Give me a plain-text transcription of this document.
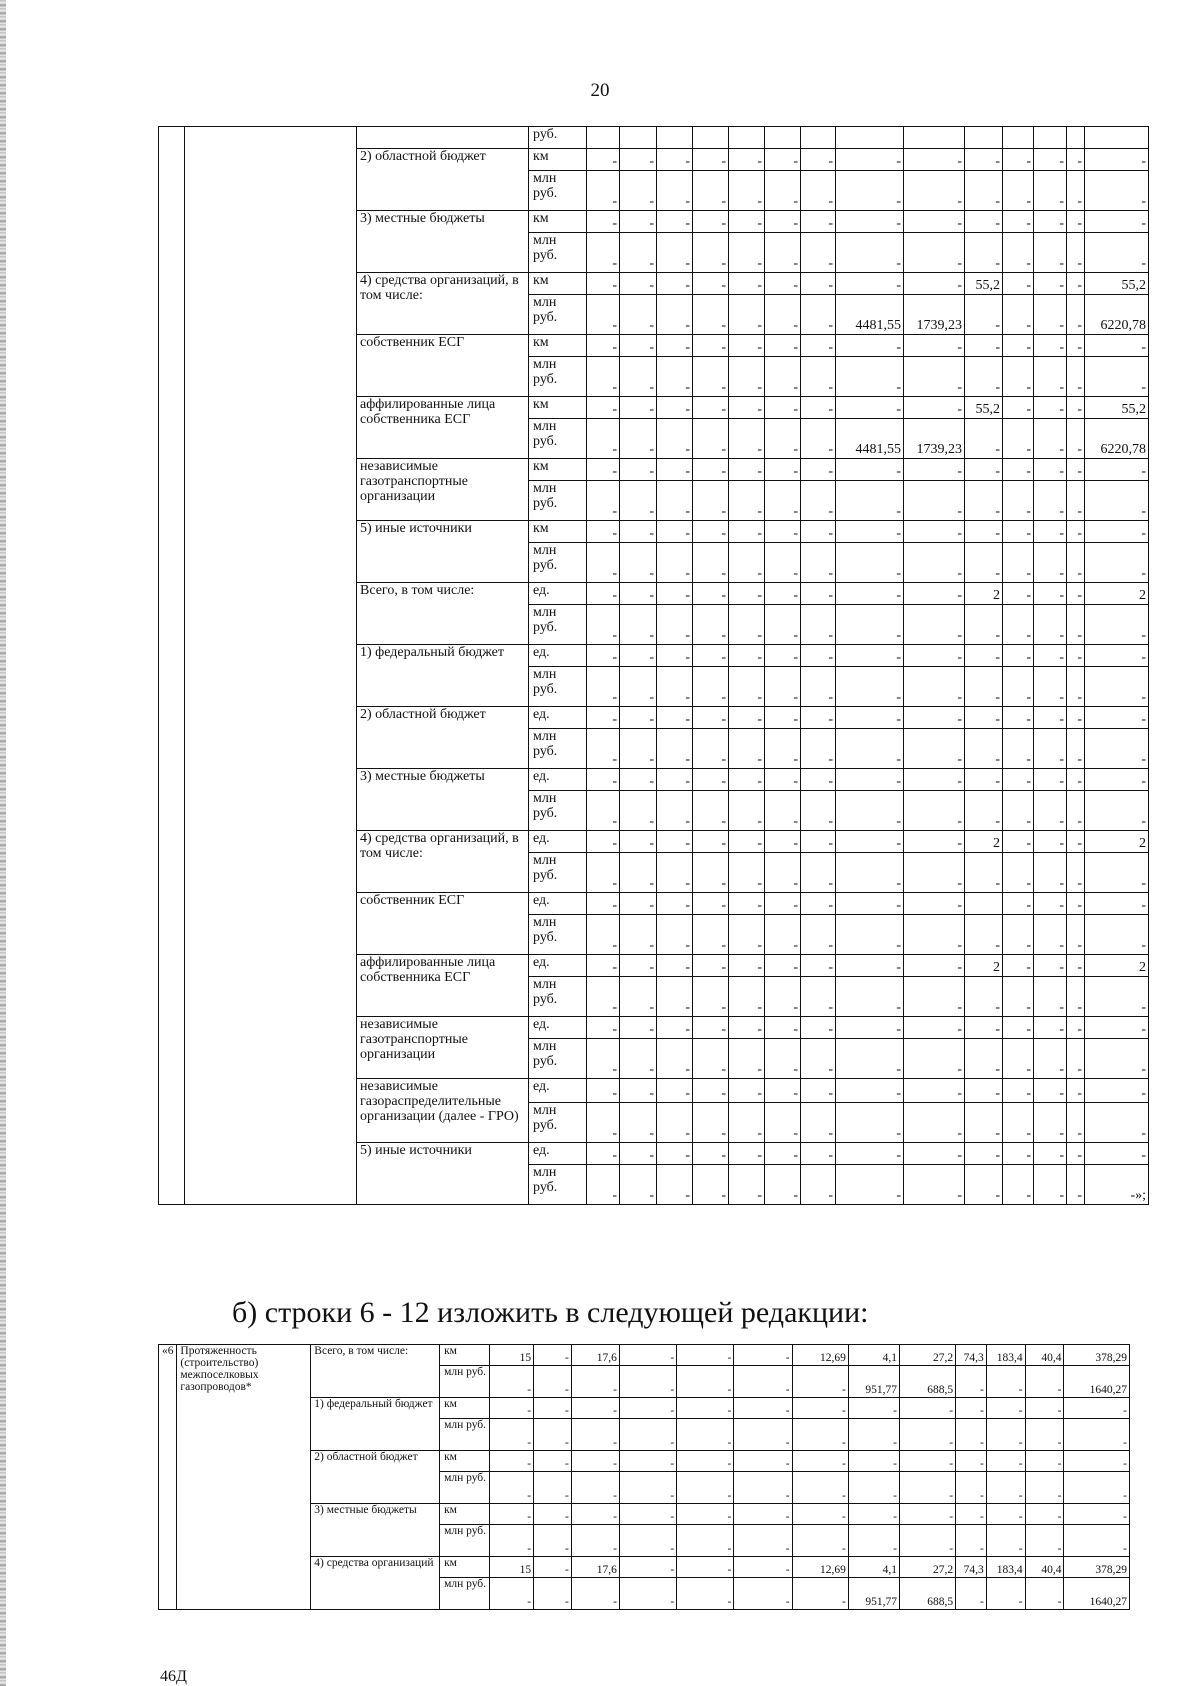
20
			руб.														
		2) областной бюджет	км	-	-	-	-	-	-	-	-	-	-	-	-	-	-
			млн руб.	-	-	-	-	-	-	-	-	-	-	-	-	-	-
		3) местные бюджеты	км	-	-	-	-	-	-	-	-	-	-	-	-	-	-
			млн руб.	-	-	-	-	-	-	-	-	-	-	-	-	-	-
		4) средства организаций, в том числе:	км	-	-	-	-	-	-	-	-	-	55,2	-	-	-	55,2
			млн руб.	-	-	-	-	-	-	-	4481,55	1739,23	-	-	-	-	6220,78
		собственник ЕСГ	км	-	-	-	-	-	-	-	-	-	-	-	-	-	-
			млн руб.	-	-	-	-	-	-	-	-	-	-	-	-	-	-
		аффилированные лица собственника ЕСГ	км	-	-	-	-	-	-	-	-	-	55,2	-	-	-	55,2
			млн руб.	-	-	-	-	-	-	-	4481,55	1739,23	-	-	-	-	6220,78
		независимые газотранспортные организации	км	-	-	-	-	-	-	-	-	-	-	-	-	-	-
			млн руб.	-	-	-	-	-	-	-	-	-	-	-	-	-	-
		5) иные источники	км	-	-	-	-	-	-	-	-	-	-	-	-	-	-
			млн руб.	-	-	-	-	-	-	-	-	-	-	-	-	-	-
		Всего, в том числе:	ед.	-	-	-	-	-	-	-	-	-	2	-	-	-	2
			млн руб.	-	-	-	-	-	-	-	-	-	-	-	-	-	-
		1) федеральный бюджет	ед.	-	-	-	-	-	-	-	-	-	-	-	-	-	-
			млн руб.	-	-	-	-	-	-	-	-	-	-	-	-	-	-
		2) областной бюджет	ед.	-	-	-	-	-	-	-	-	-	-	-	-	-	-
			млн руб.	-	-	-	-	-	-	-	-	-	-	-	-	-	-
		3) местные бюджеты	ед.	-	-	-	-	-	-	-	-	-	-	-	-	-	-
			млн руб.	-	-	-	-	-	-	-	-	-	-	-	-	-	-
		4) средства организаций, в том числе:	ед.	-	-	-	-	-	-	-	-	-	2	-	-	-	2
			млн руб.	-	-	-	-	-	-	-	-	-	-	-	-	-	-
		собственник ЕСГ	ед.	-	-	-	-	-	-	-	-	-		-	-	-	-
			млн руб.	-	-	-	-	-	-	-	-	-	-	-	-	-	-
		аффилированные лица собственника ЕСГ	ед.	-	-	-	-	-	-	-	-	-	2	-	-	-	2
			млн руб.	-	-	-	-	-	-	-	-	-	-	-	-	-	-
		независимые газотранспортные организации	ед.	-	-	-	-	-	-	-	-	-	-	-	-	-	-
			млн руб.	-	-	-	-	-	-	-	-	-	-	-	-	-	-
		независимые газораспределительные организации (далее - ГРО)	ед.	-	-	-	-	-	-	-	-	-	-	-	-	-	-
			млн руб.	-	-	-	-	-	-	-	-	-	-	-	-	-	-
		5) иные источники	ед.	-	-	-	-	-	-	-	-	-	-	-	-	-	-
			млн руб.	-	-	-	-	-	-	-	-	-	-	-	-	-	-»;
б) строки 6 - 12 изложить в следующей редакции:
«6	Протяженность (строительство) межпоселковых газопроводов*	Всего, в том числе:	км	15	-	17,6	-	-	-	12,69	4,1	27,2	74,3	183,4	40,4	378,29
			млн руб.	-	-	-	-	-	-	-	951,77	688,5	-	-	-	1640,27
		1) федеральный бюджет	км	-	-	-	-	-	-	-	-	-	-	-	-	-
			млн руб.	-	-	-	-	-	-	-	-	-	-	-	-	-
		2) областной бюджет	км	-	-	-	-	-	-	-	-	-	-	-	-	-
			млн руб.	-	-	-	-	-	-	-	-	-	-	-	-	-
		3) местные бюджеты	км	-	-	-	-	-	-	-	-	-	-	-	-	-
			млн руб.	-	-	-	-	-	-	-	-	-	-	-	-	-
		4) средства организаций	км	15	-	17,6	-	-	-	12,69	4,1	27,2	74,3	183,4	40,4	378,29
			млн руб.	-	-	-	-	-	-	-	951,77	688,5	-	-	-	1640,27
46Д
